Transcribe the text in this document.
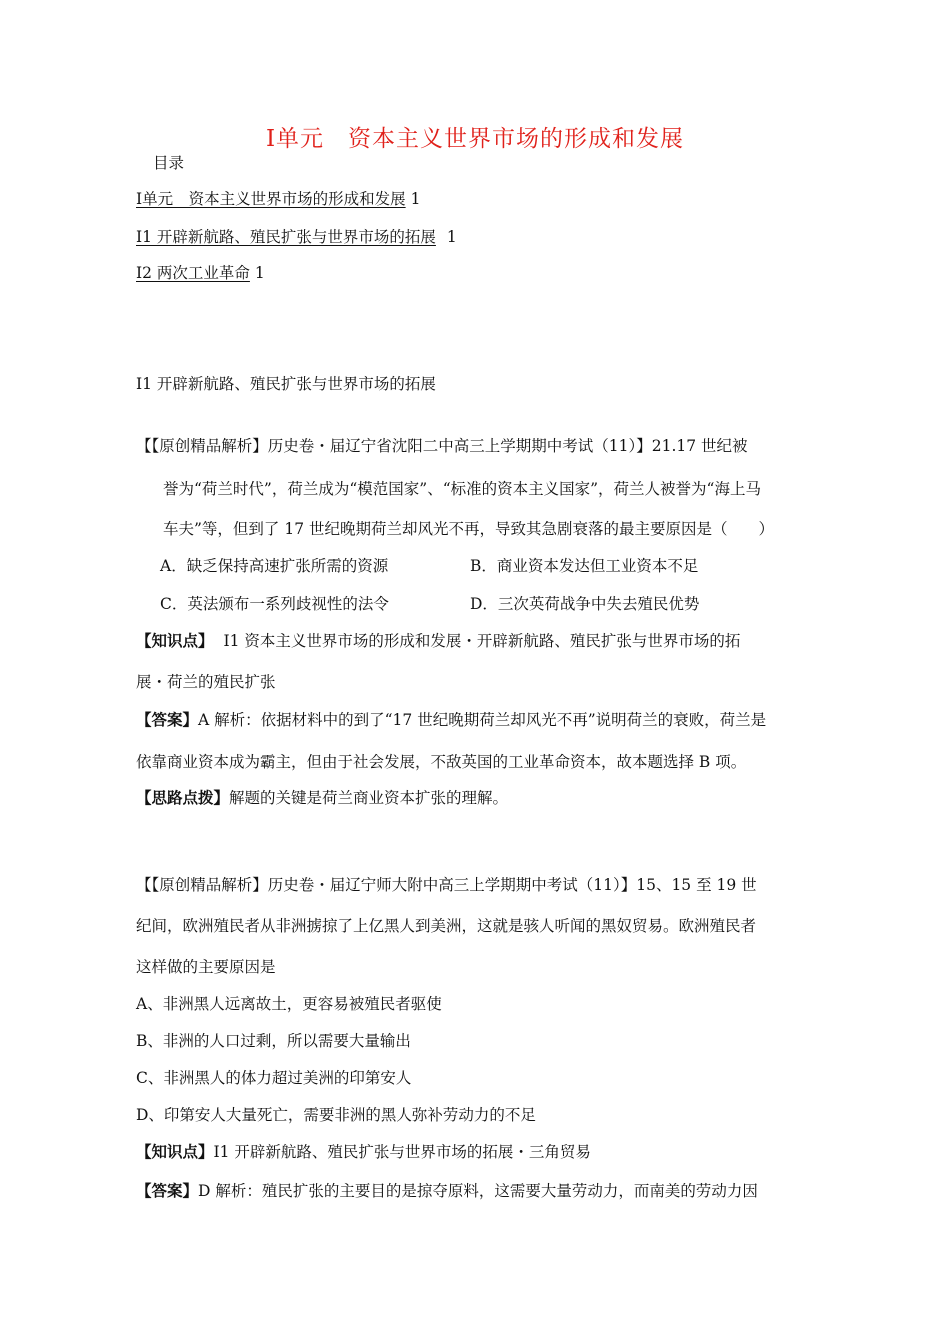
Ⅰ单元　资本主义世界市场的形成和发展
目录
I单元　资本主义世界市场的形成和发展 1
I1 开辟新航路、殖民扩张与世界市场的拓展 1
I2 两次工业革命 1
I1 开辟新航路、殖民扩张与世界市场的拓展
【【原创精品解析】历史卷・届辽宁省沈阳二中高三上学期期中考试（11）】21.17 世纪被
誉为“荷兰时代”，荷兰成为“模范国家”、“标准的资本主义国家”，荷兰人被誉为“海上马
车夫”等，但到了 17 世纪晚期荷兰却风光不再，导致其急剧衰落的最主要原因是（　　）
A．缺乏保持高速扩张所需的资源	B．商业资本发达但工业资本不足
C．英法颁布一系列歧视性的法令	D．三次英荷战争中失去殖民优势
【知识点】 I1 资本主义世界市场的形成和发展・开辟新航路、殖民扩张与世界市场的拓
展・荷兰的殖民扩张
【答案】A 解析：依据材料中的到了“17 世纪晚期荷兰却风光不再”说明荷兰的衰败，荷兰是
依靠商业资本成为霸主，但由于社会发展，不敌英国的工业革命资本，故本题选择 B 项。
【思路点拨】解题的关键是荷兰商业资本扩张的理解。
【【原创精品解析】历史卷・届辽宁师大附中高三上学期期中考试（11）】15、15 至 19 世
纪间，欧洲殖民者从非洲掳掠了上亿黑人到美洲，这就是骇人听闻的黑奴贸易。欧洲殖民者
这样做的主要原因是
A、非洲黑人远离故土，更容易被殖民者驱使
B、非洲的人口过剩，所以需要大量输出
C、非洲黑人的体力超过美洲的印第安人
D、印第安人大量死亡，需要非洲的黑人弥补劳动力的不足
【知识点】I1 开辟新航路、殖民扩张与世界市场的拓展・三角贸易
【答案】D 解析：殖民扩张的主要目的是掠夺原料，这需要大量劳动力，而南美的劳动力因
